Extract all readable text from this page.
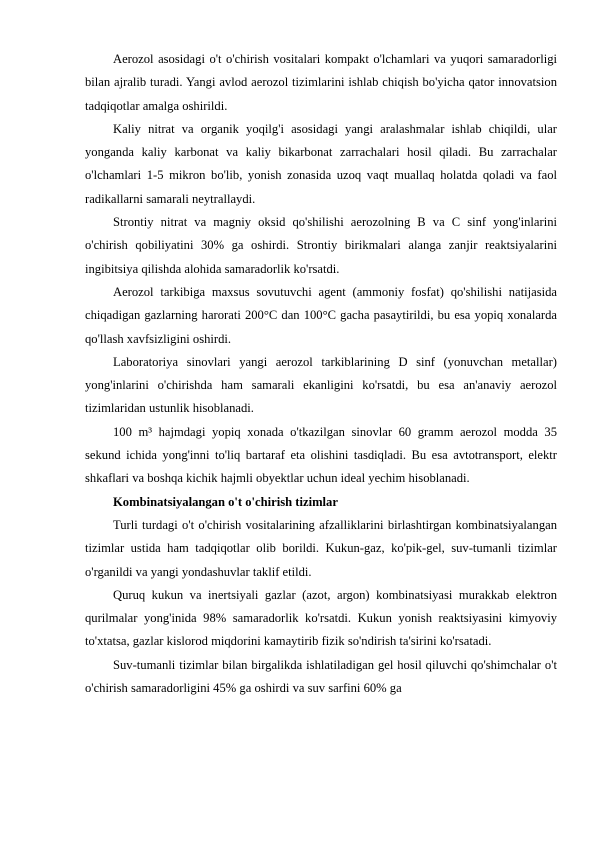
Aerozol asosidagi o't o'chirish vositalari kompakt o'lchamlari va yuqori samaradorligi bilan ajralib turadi. Yangi avlod aerozol tizimlarini ishlab chiqish bo'yicha qator innovatsion tadqiqotlar amalga oshirildi.

Kaliy nitrat va organik yoqilg'i asosidagi yangi aralashmalar ishlab chiqildi, ular yonganda kaliy karbonat va kaliy bikarbonat zarrachalari hosil qiladi. Bu zarrachalar o'lchamlari 1-5 mikron bo'lib, yonish zonasida uzoq vaqt muallaq holatda qoladi va faol radikallarni samarali neytrallaydi.

Strontiy nitrat va magniy oksid qo'shilishi aerozolning B va C sinf yong'inlarini o'chirish qobiliyatini 30% ga oshirdi. Strontiy birikmalari alanga zanjir reaktsiyalarini ingibitsiya qilishda alohida samaradorlik ko'rsatdi.

Aerozol tarkibiga maxsus sovutuvchi agent (ammoniy fosfat) qo'shilishi natijasida chiqadigan gazlarning harorati 200°C dan 100°C gacha pasaytirildi, bu esa yopiq xonalarda qo'llash xavfsizligini oshirdi.

Laboratoriya sinovlari yangi aerozol tarkiblarining D sinf (yonuvchan metallar) yong'inlarini o'chirishda ham samarali ekanligini ko'rsatdi, bu esa an'anaviy aerozol tizimlaridan ustunlik hisoblanadi.

100 m³ hajmdagi yopiq xonada o'tkazilgan sinovlar 60 gramm aerozol modda 35 sekund ichida yong'inni to'liq bartaraf eta olishini tasdiqladi. Bu esa avtotransport, elektr shkaflari va boshqa kichik hajmli obyektlar uchun ideal yechim hisoblanadi.

Kombinatsiyalangan o't o'chirish tizimlar

Turli turdagi o't o'chirish vositalarining afzalliklarini birlashtirgan kombinatsiyalangan tizimlar ustida ham tadqiqotlar olib borildi. Kukun-gaz, ko'pik-gel, suv-tumanli tizimlar o'rganildi va yangi yondashuvlar taklif etildi.

Quruq kukun va inertsiyali gazlar (azot, argon) kombinatsiyasi murakkab elektron qurilmalar yong'inida 98% samaradorlik ko'rsatdi. Kukun yonish reaktsiyasini kimyoviy to'xtatsa, gazlar kislorod miqdorini kamaytirib fizik so'ndirish ta'sirini ko'rsatadi.

Suv-tumanli tizimlar bilan birgalikda ishlatiladigan gel hosil qiluvchi qo'shimchalar o't o'chirish samaradorligini 45% ga oshirdi va suv sarfini 60% ga
